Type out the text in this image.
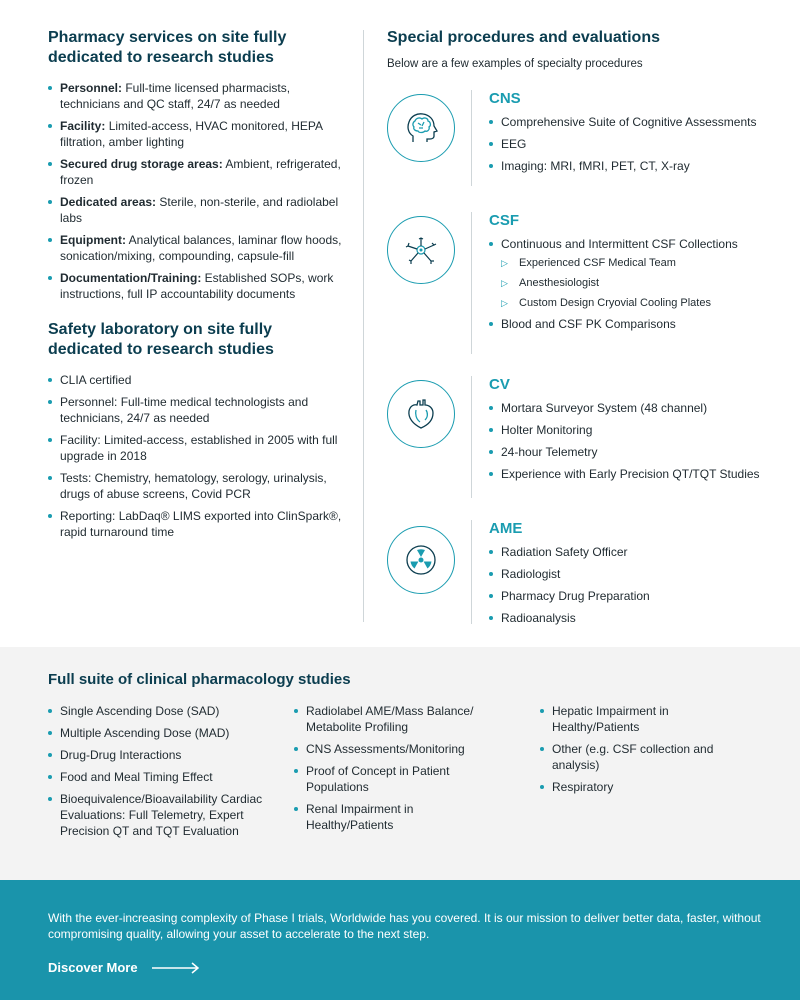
Pharmacy services on site fully dedicated to research studies
Personnel: Full-time licensed pharmacists, technicians and QC staff, 24/7 as needed
Facility: Limited-access, HVAC monitored, HEPA filtration, amber lighting
Secured drug storage areas: Ambient, refrigerated, frozen
Dedicated areas: Sterile, non-sterile, and radiolabel labs
Equipment: Analytical balances, laminar flow hoods, sonication/mixing, compounding, capsule-fill
Documentation/Training: Established SOPs, work instructions, full IP accountability documents
Safety laboratory on site fully dedicated to research studies
CLIA certified
Personnel: Full-time medical technologists and technicians, 24/7 as needed
Facility: Limited-access, established in 2005 with full upgrade in 2018
Tests: Chemistry, hematology, serology, urinalysis, drugs of abuse screens, Covid PCR
Reporting: LabDaq® LIMS exported into ClinSpark®, rapid turnaround time
Special procedures and evaluations

Below are a few examples of specialty procedures

CNS
Comprehensive Suite of Cognitive Assessments
EEG
Imaging: MRI, fMRI, PET, CT, X-ray
CSF
Continuous and Intermittent CSF Collections
▷ Experienced CSF Medical Team
▷ Anesthesiologist
▷ Custom Design Cryovial Cooling Plates
Blood and CSF PK Comparisons
CV
Mortara Surveyor System (48 channel)
Holter Monitoring
24-hour Telemetry
Experience with Early Precision QT/TQT Studies
AME
Radiation Safety Officer
Radiologist
Pharmacy Drug Preparation
Radioanalysis
Full suite of clinical pharmacology studies
Single Ascending Dose (SAD)
Multiple Ascending Dose (MAD)
Drug-Drug Interactions
Food and Meal Timing Effect
Bioequivalence/Bioavailability Cardiac Evaluations: Full Telemetry, Expert Precision QT and TQT Evaluation
Radiolabel AME/Mass Balance/ Metabolite Profiling
CNS Assessments/Monitoring
Proof of Concept in Patient Populations
Renal Impairment in Healthy/Patients
Hepatic Impairment in Healthy/Patients
Other (e.g. CSF collection and analysis)
Respiratory

With the ever-increasing complexity of Phase I trials, Worldwide has you covered. It is our mission to deliver better data, faster, without compromising quality, allowing your asset to accelerate to the next step.

Discover More
